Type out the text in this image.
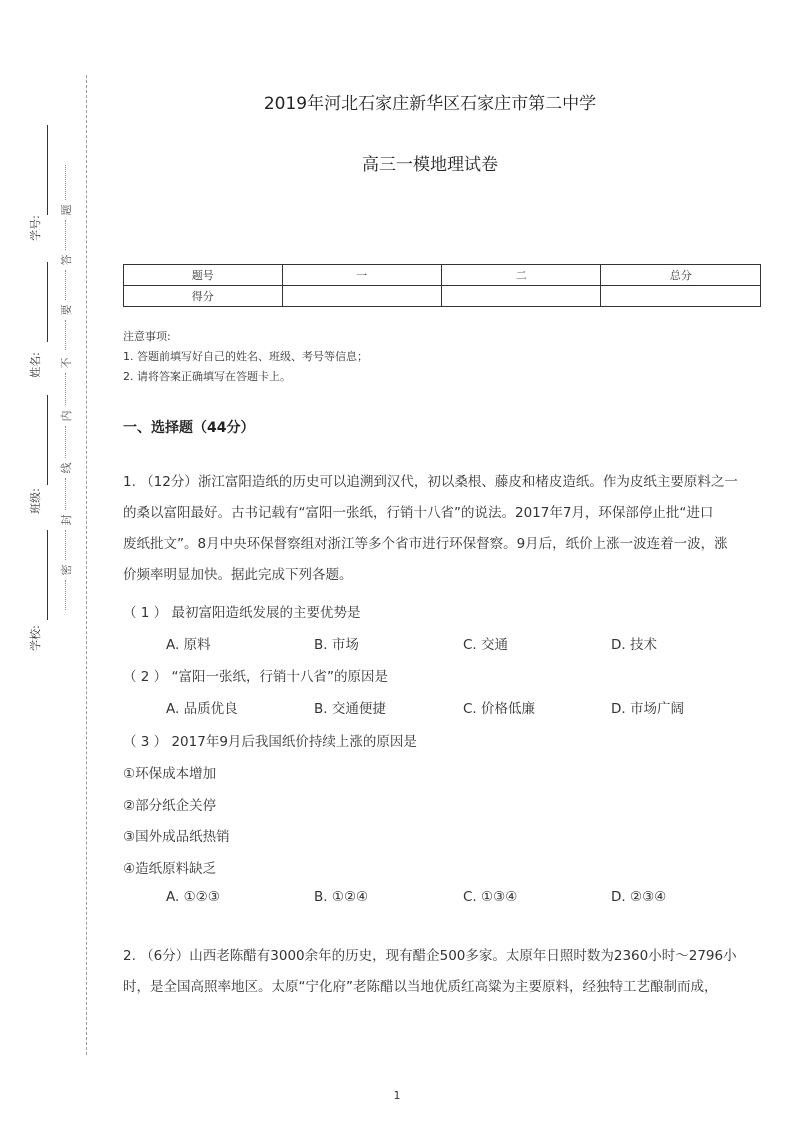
学号:
姓名:
班级:
学校:
题
答
要
不
内
线
封
密
2019年河北石家庄新华区石家庄市第二中学
高三一模地理试卷
题号	一	二	总分
得分			
注意事项:
1. 答题前填写好自己的姓名、班级、考号等信息；
2. 请将答案正确填写在答题卡上。
一、选择题（44分）
1. （12分）浙江富阳造纸的历史可以追溯到汉代，初以桑根、藤皮和楮皮造纸。作为皮纸主要原料之一
的桑以富阳最好。古书记载有“富阳一张纸，行销十八省”的说法。2017年7月，环保部停止批“进口
废纸批文”。8月中央环保督察组对浙江等多个省市进行环保督察。9月后，纸价上涨一波连着一波，涨
价频率明显加快。据此完成下列各题。
（ 1 ） 最初富阳造纸发展的主要优势是
A. 原料	B. 市场	C. 交通	D. 技术
（ 2 ） “富阳一张纸，行销十八省”的原因是
A. 品质优良	B. 交通便捷	C. 价格低廉	D. 市场广阔
（ 3 ） 2017年9月后我国纸价持续上涨的原因是
①环保成本增加
②部分纸企关停
③国外成品纸热销
④造纸原料缺乏
A. ①②③	B. ①②④	C. ①③④	D. ②③④
2. （6分）山西老陈醋有3000余年的历史，现有醋企500多家。太原年日照时数为2360小时～2796小
时，是全国高照率地区。太原“宁化府”老陈醋以当地优质红高粱为主要原料，经独特工艺酿制而成，
1
